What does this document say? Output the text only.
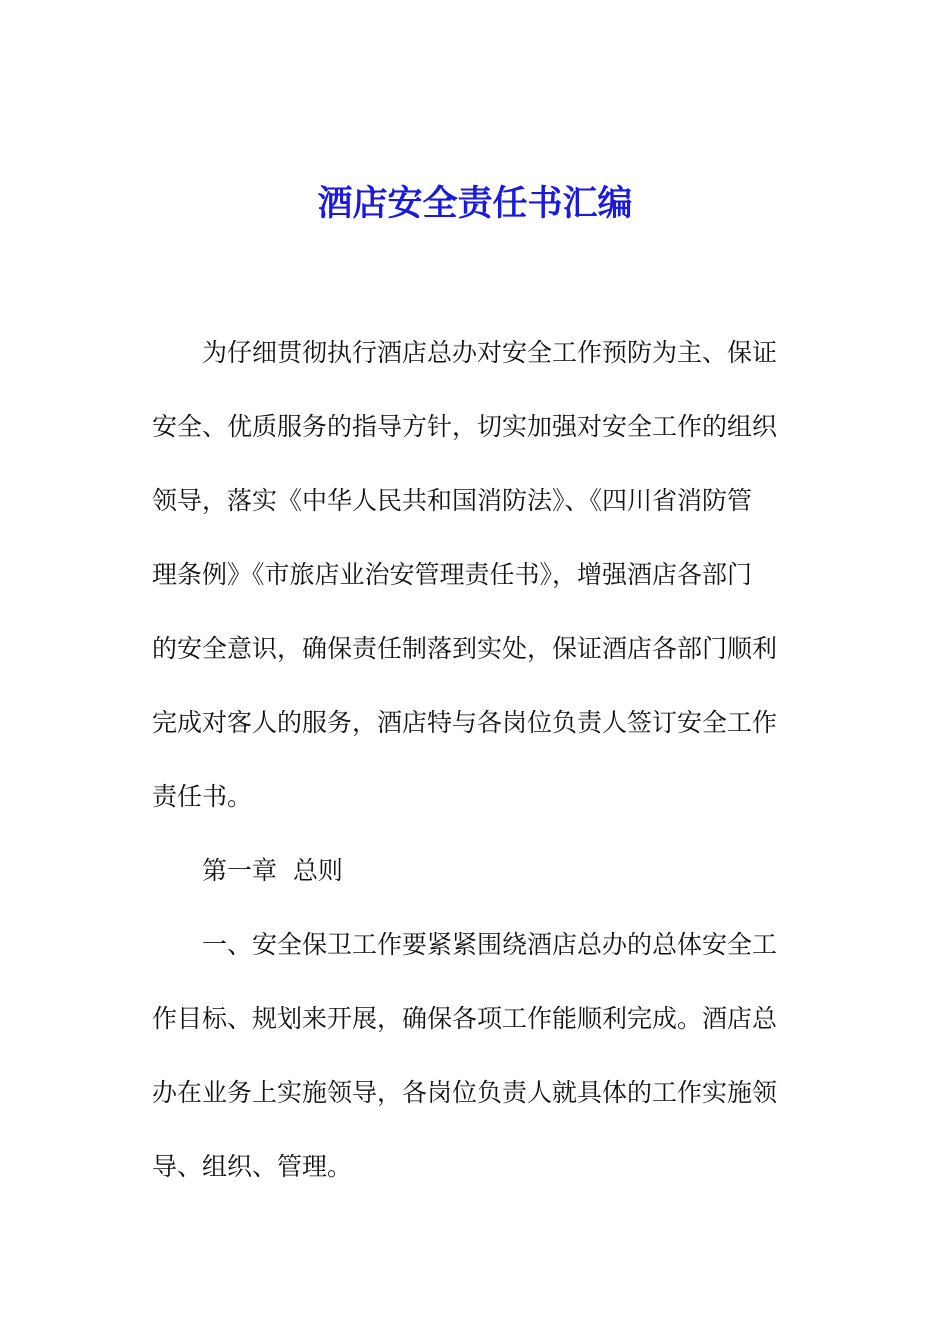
酒店安全责任书汇编
为仔细贯彻执行酒店总办对安全工作预防为主、保证
安全、优质服务的指导方针，切实加强对安全工作的组织
领导，落实《中华人民共和国消防法》、《四川省消防管
理条例》《市旅店业治安管理责任书》，增强酒店各部门
的安全意识，确保责任制落到实处，保证酒店各部门顺利
完成对客人的服务，酒店特与各岗位负责人签订安全工作
责任书。
第一章  总则
一、安全保卫工作要紧紧围绕酒店总办的总体安全工
作目标、规划来开展，确保各项工作能顺利完成。酒店总
办在业务上实施领导，各岗位负责人就具体的工作实施领
导、组织、管理。
